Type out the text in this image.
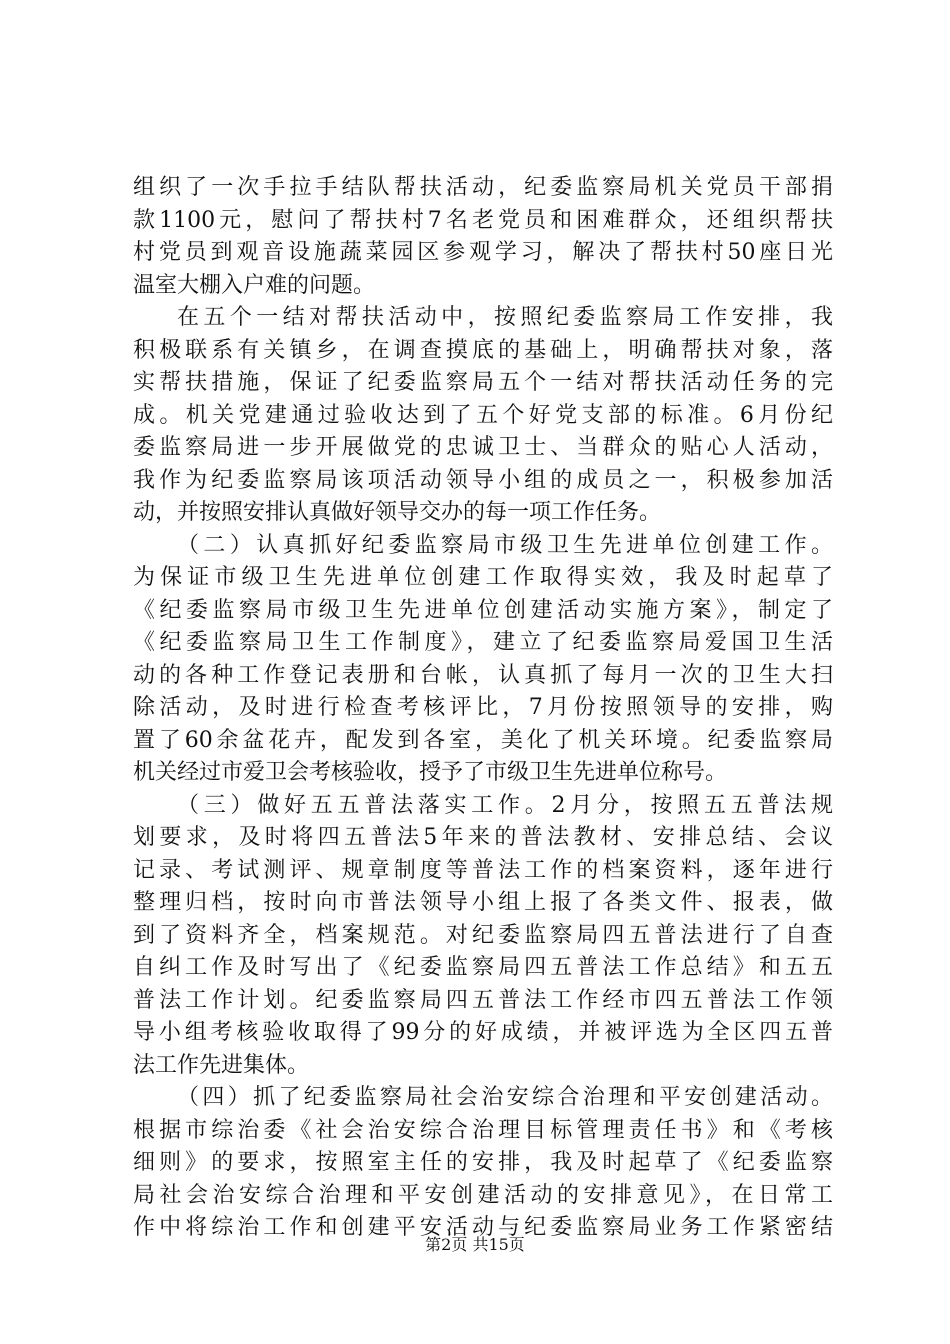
组织了一次手拉手结队帮扶活动，纪委监察局机关党员干部捐
款1100元，慰问了帮扶村7名老党员和困难群众，还组织帮扶
村党员到观音设施蔬菜园区参观学习，解决了帮扶村50座日光
温室大棚入户难的问题。
在五个一结对帮扶活动中，按照纪委监察局工作安排，我
积极联系有关镇乡，在调查摸底的基础上，明确帮扶对象，落
实帮扶措施，保证了纪委监察局五个一结对帮扶活动任务的完
成。机关党建通过验收达到了五个好党支部的标准。6月份纪
委监察局进一步开展做党的忠诚卫士、当群众的贴心人活动，
我作为纪委监察局该项活动领导小组的成员之一，积极参加活
动，并按照安排认真做好领导交办的每一项工作任务。
（二）认真抓好纪委监察局市级卫生先进单位创建工作。
为保证市级卫生先进单位创建工作取得实效，我及时起草了
《纪委监察局市级卫生先进单位创建活动实施方案》，制定了
《纪委监察局卫生工作制度》，建立了纪委监察局爱国卫生活
动的各种工作登记表册和台帐，认真抓了每月一次的卫生大扫
除活动，及时进行检查考核评比，7月份按照领导的安排，购
置了60余盆花卉，配发到各室，美化了机关环境。纪委监察局
机关经过市爱卫会考核验收，授予了市级卫生先进单位称号。
（三）做好五五普法落实工作。2月分，按照五五普法规
划要求，及时将四五普法5年来的普法教材、安排总结、会议
记录、考试测评、规章制度等普法工作的档案资料，逐年进行
整理归档，按时向市普法领导小组上报了各类文件、报表，做
到了资料齐全，档案规范。对纪委监察局四五普法进行了自查
自纠工作及时写出了《纪委监察局四五普法工作总结》和五五
普法工作计划。纪委监察局四五普法工作经市四五普法工作领
导小组考核验收取得了99分的好成绩，并被评选为全区四五普
法工作先进集体。
（四）抓了纪委监察局社会治安综合治理和平安创建活动。
根据市综治委《社会治安综合治理目标管理责任书》和《考核
细则》的要求，按照室主任的安排，我及时起草了《纪委监察
局社会治安综合治理和平安创建活动的安排意见》，在日常工
作中将综治工作和创建平安活动与纪委监察局业务工作紧密结
第2页 共15页
